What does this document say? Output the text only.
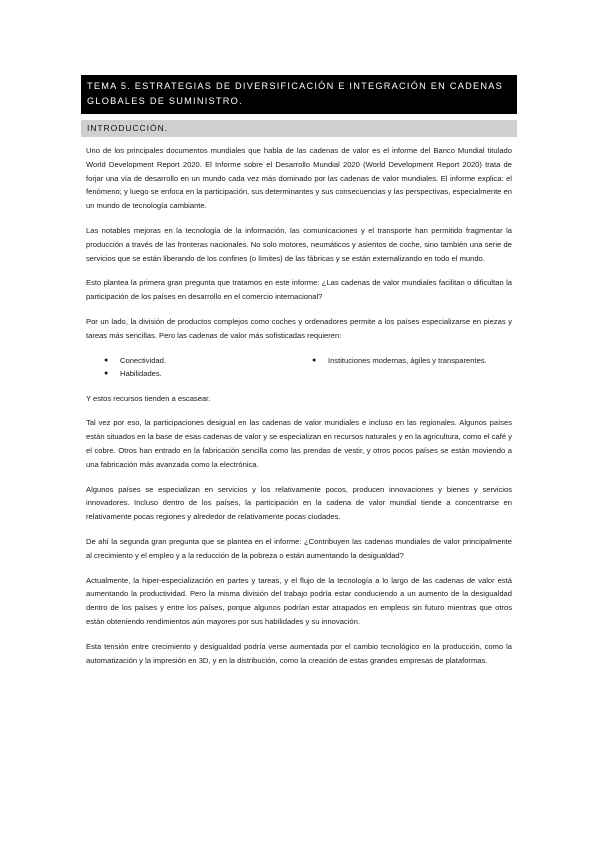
TEMA 5. ESTRATEGIAS DE DIVERSIFICACIÓN E INTEGRACIÓN EN CADENAS
GLOBALES DE SUMINISTRO.
INTRODUCCIÓN.

Uno de los principales documentos mundiales que habla de las cadenas de valor es el informe del Banco Mundial titulado World Development Report 2020. El Informe sobre el Desarrollo Mundial 2020 (World Development Report 2020) trata de forjar una vía de desarrollo en un mundo cada vez más dominado por las cadenas de valor mundiales. El informe explica: el fenómeno; y luego se enfoca en la participación, sus determinantes y sus consecuencias y las perspectivas, especialmente en un mundo de tecnología cambiante.

Las notables mejoras en la tecnología de la información, las comunicaciones y el transporte han permitido fragmentar la producción a través de las fronteras nacionales. No solo motores, neumáticos y asientos de coche, sino también una serie de servicios que se están liberando de los confines (o límites) de las fábricas y se están externalizando en todo el mundo.

Esto plantea la primera gran pregunta que tratamos en este informe: ¿Las cadenas de valor mundiales facilitan o dificultan la participación de los países en desarrollo en el comercio internacional?

Por un lado, la división de productos complejos como coches y ordenadores permite a los países especializarse en piezas y tareas más sencillas. Pero las cadenas de valor más sofisticadas requieren:

● Conectividad.
● Habilidades.
● Instituciones modernas, ágiles y transparentes.

Y estos recursos tienden a escasear.

Tal vez por eso, la participaciones desigual en las cadenas de valor mundiales e incluso en las regionales. Algunos países están situados en la base de esas cadenas de valor y se especializan en recursos naturales y en la agricultura, como el café y el cobre. Otros han entrado en la fabricación sencilla como las prendas de vestir, y otros pocos países se están moviendo a una fabricación más avanzada como la electrónica.

Algunos países se especializan en servicios y los relativamente pocos, producen innovaciones y bienes y servicios innovadores. Incluso dentro de los países, la participación en la cadena de valor mundial tiende a concentrarse en relativamente pocas regiones y alrededor de relativamente pocas ciudades.

De ahí la segunda gran pregunta que se plantea en el informe: ¿Contribuyen las cadenas mundiales de valor principalmente al crecimiento y el empleo y a la reducción de la pobreza o están aumentando la desigualdad?

Actualmente, la hiper-especialización en partes y tareas, y el flujo de la tecnología a lo largo de las cadenas de valor está aumentando la productividad. Pero la misma división del trabajo podría estar conduciendo a un aumento de la desigualdad dentro de los países y entre los países, porque algunos podrían estar atrapados en empleos sin futuro mientras que otros están obteniendo rendimientos aún mayores por sus habilidades y su innovación.

Esta tensión entre crecimiento y desigualdad podría verse aumentada por el cambio tecnológico en la producción, como la automatización y la impresión en 3D, y en la distribución, como la creación de estas grandes empresas de plataformas.
